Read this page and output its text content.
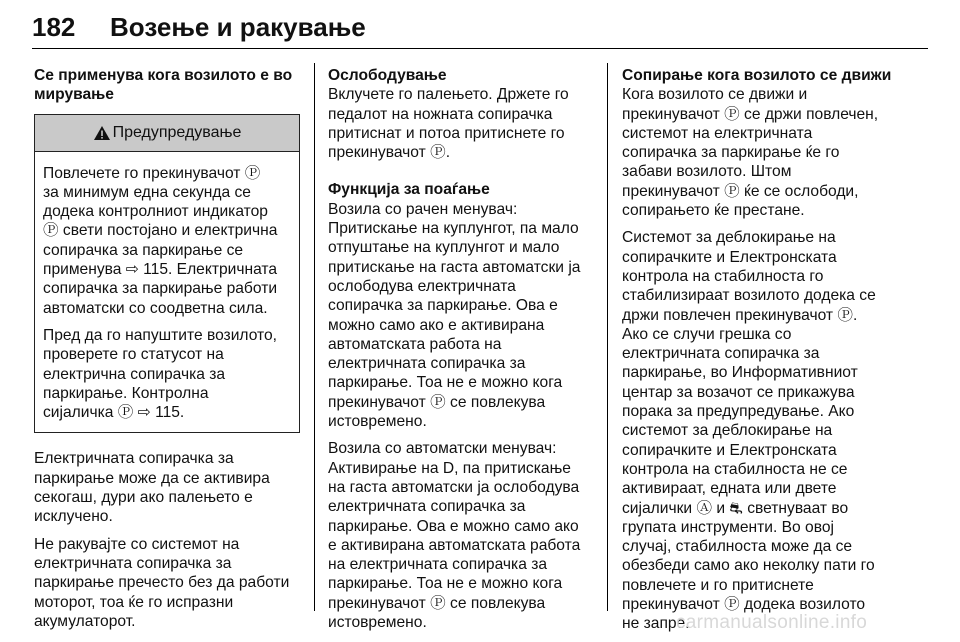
182 Возење и ракување
Се применува кога возилото е во
мирување
Предупредување

Повлечете го прекинувачот Ⓟ
за минимум една секунда се
додека контролниот индикатор
Ⓟ свети постојано и електрична
сопирачка за паркирање се
применува ⇨ 115. Електричната
сопирачка за паркирање работи
автоматски со соодветна сила.

Пред да го напуштите возилото,
проверете го статусот на
електрична сопирачка за
паркирање. Контролна
сијаличка Ⓟ ⇨ 115.

Електричната сопирачка за
паркирање може да се активира
секогаш, дури ако палењето е
исклучено.

Не ракувајте со системот на
електричната сопирачка за
паркирање пречесто без да работи
моторот, тоа ќе го испразни
акумулаторот.

Ослободување

Вклучете го палењето. Држете го
педалот на ножната сопирачка
притиснат и потоа притиснете го
прекинувачот Ⓟ.

Функција за поаѓање

Возила со рачен менувач:
Притискање на куплунгот, па мало
отпуштање на куплунгот и мало
притискање на гаста автоматски ја
ослободува електричната
сопирачка за паркирање. Ова е
можно само ако е активирана
автоматската работа на
електричната сопирачка за
паркирање. Тоа не е можно кога
прекинувачот Ⓟ се повлекува
истовремено.

Возила со автоматски менувач:
Активирање на D, па притискање
на гаста автоматски ја ослободува
електричната сопирачка за
паркирање. Ова е можно само ако
е активирана автоматската работа
на електричната сопирачка за
паркирање. Тоа не е можно кога
прекинувачот Ⓟ се повлекува
истовремено.

Сопирање кога возилото се движи

Кога возилото се движи и
прекинувачот Ⓟ се држи повлечен,
системот на електричната
сопирачка за паркирање ќе го
забави возилото. Штом
прекинувачот Ⓟ ќе се ослободи,
сопирањето ќе престане.

Системот за деблокирање на
сопирачките и Електронската
контрола на стабилноста го
стабилизираат возилото додека се
држи повлечен прекинувачот Ⓟ.
Ако се случи грешка со
електричната сопирачка за
паркирање, во Информативниот
центар за возачот се прикажува
порака за предупредување. Ако
системот за деблокирање на
сопирачките и Електронската
контрола на стабилноста не се
активираат, едната или двете
сијалички Ⓐ и ⛐ светнуваат во
групата инструменти. Во овој
случај, стабилноста може да се
обезбеди само ако неколку пати го
повлечете и го притиснете
прекинувачот Ⓟ додека возилото
не запре.

carmanualsonline.info
